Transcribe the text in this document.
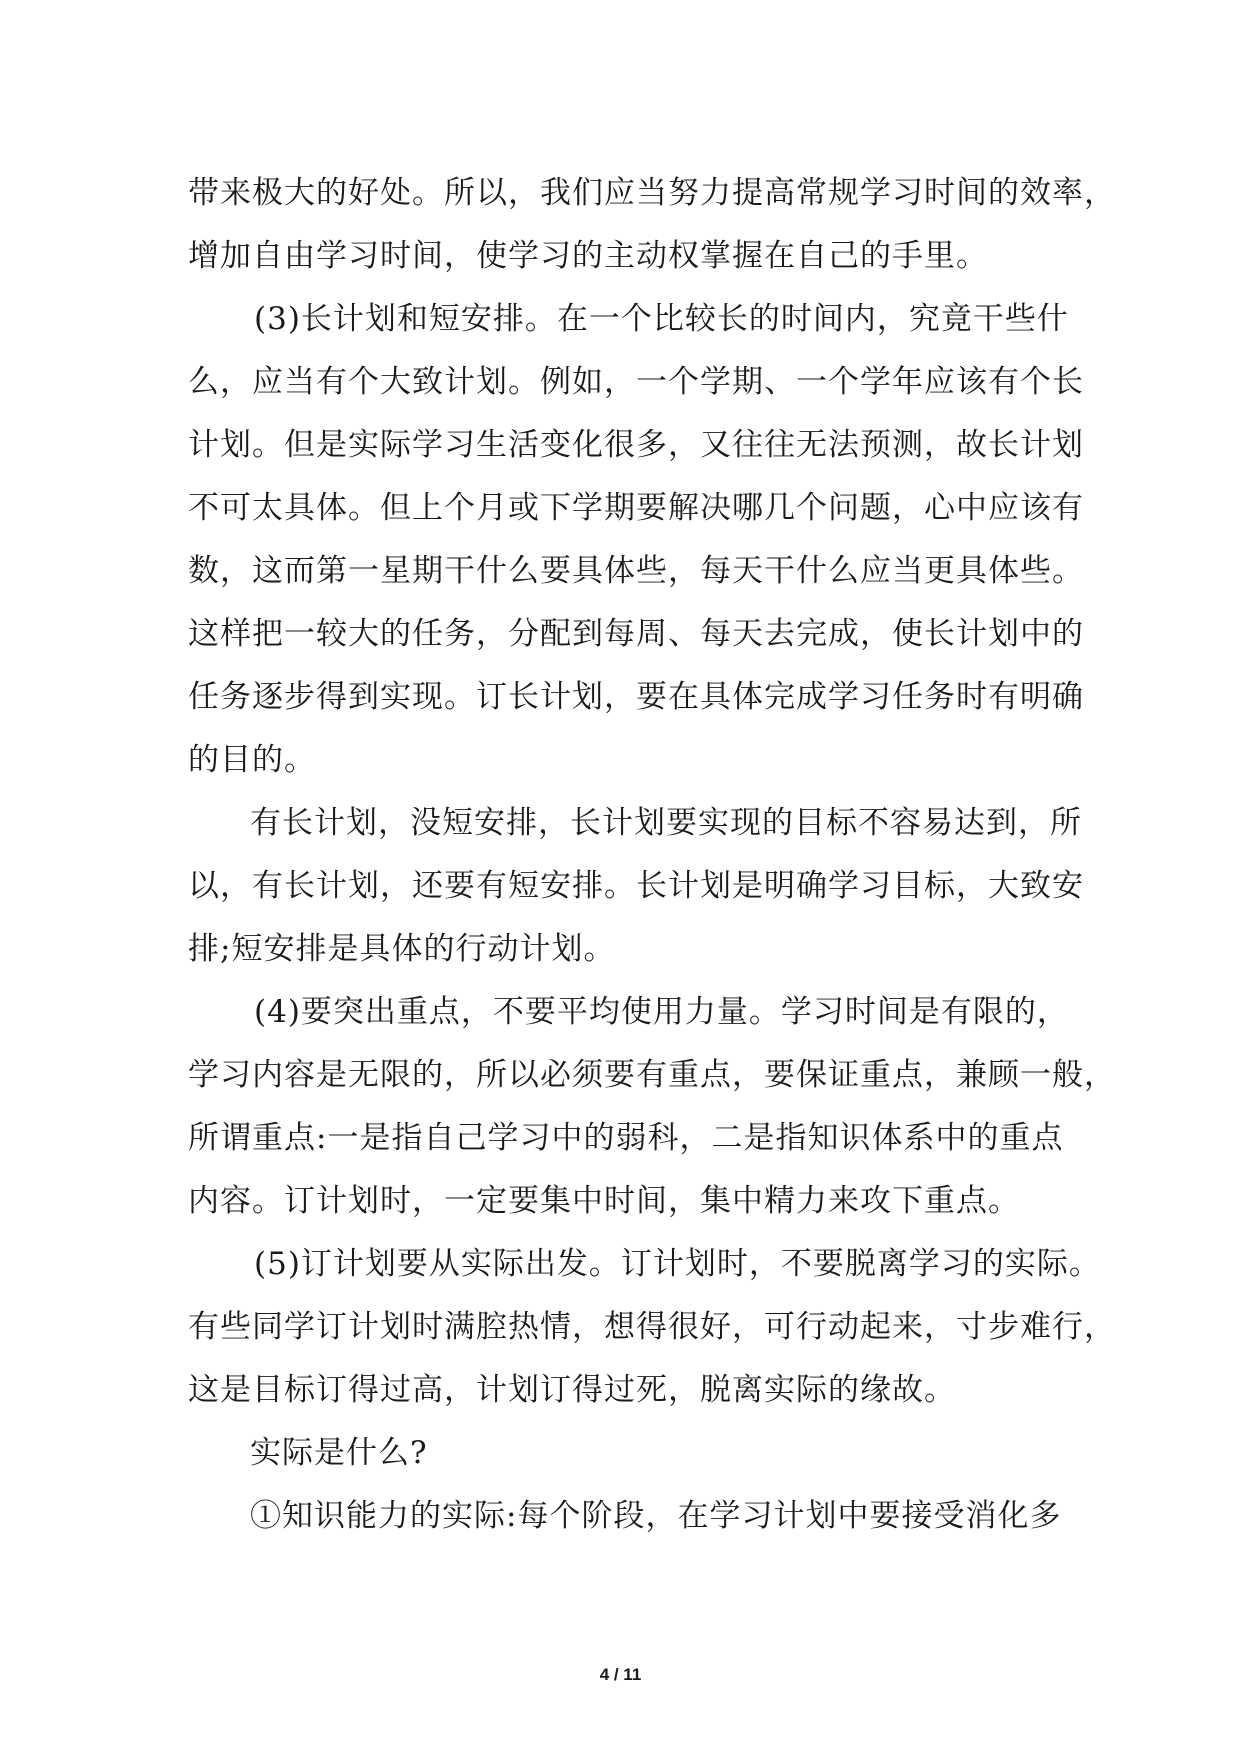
带来极大的好处。所以，我们应当努力提高常规学习时间的效率，
增加自由学习时间，使学习的主动权掌握在自己的手里。
(3)长计划和短安排。在一个比较长的时间内，究竟干些什
么，应当有个大致计划。例如，一个学期、一个学年应该有个长
计划。但是实际学习生活变化很多，又往往无法预测，故长计划
不可太具体。但上个月或下学期要解决哪几个问题，心中应该有
数，这而第一星期干什么要具体些，每天干什么应当更具体些。
这样把一较大的任务，分配到每周、每天去完成，使长计划中的
任务逐步得到实现。订长计划，要在具体完成学习任务时有明确
的目的。
有长计划，没短安排，长计划要实现的目标不容易达到，所
以，有长计划，还要有短安排。长计划是明确学习目标，大致安
排;短安排是具体的行动计划。
(4)要突出重点，不要平均使用力量。学习时间是有限的，
学习内容是无限的，所以必须要有重点，要保证重点，兼顾一般，
所谓重点:一是指自己学习中的弱科，二是指知识体系中的重点
内容。订计划时，一定要集中时间，集中精力来攻下重点。
(5)订计划要从实际出发。订计划时，不要脱离学习的实际。
有些同学订计划时满腔热情，想得很好，可行动起来，寸步难行，
这是目标订得过高，计划订得过死，脱离实际的缘故。
实际是什么?
①知识能力的实际:每个阶段，在学习计划中要接受消化多
4 / 11
